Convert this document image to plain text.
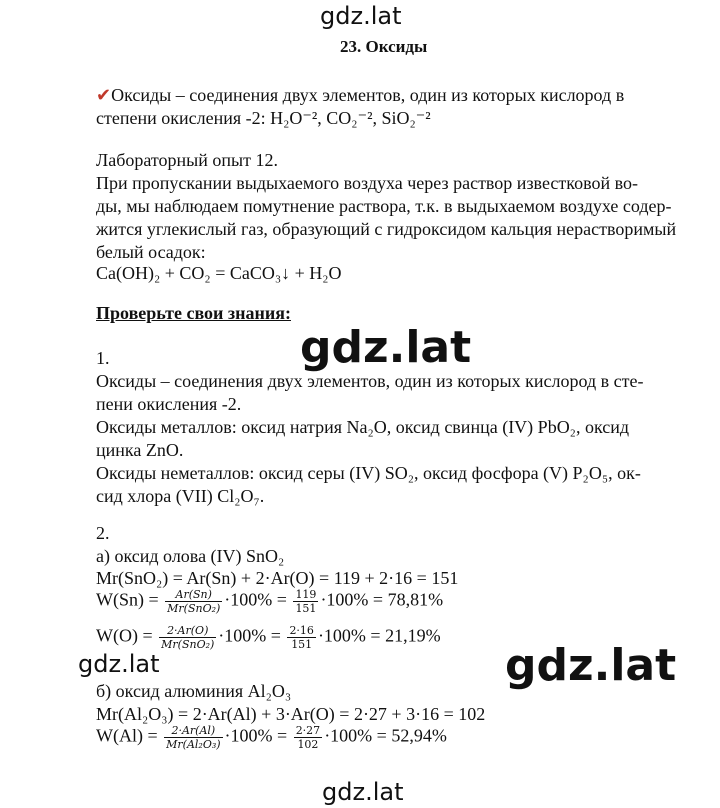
gdz.lat
gdz.lat
gdz.lat
gdz.lat
gdz.lat
23. Оксиды
✔Оксиды – соединения двух элементов, один из которых кислород в
степени окисления -2: H₂O⁻², CO₂⁻², SiO₂⁻²
Лабораторный опыт 12.
При пропускании выдыхаемого воздуха через раствор известковой во-
ды, мы наблюдаем помутнение раствора, т.к. в выдыхаемом воздухе содер-
жится углекислый газ, образующий с гидроксидом кальция нерастворимый
белый осадок:
Ca(OH)₂ + CO₂ = CaCO₃↓ + H₂O
Проверьте свои знания:
1.
Оксиды – соединения двух элементов, один из которых кислород в сте-
пени окисления -2.
Оксиды металлов: оксид натрия Na₂O, оксид свинца (IV) PbO₂, оксид
цинка ZnO.
Оксиды неметаллов: оксид серы (IV) SO₂, оксид фосфора (V) P₂O₅, ок-
сид хлора (VII) Cl₂O₇.
2.
а) оксид олова (IV) SnO₂
Mr(SnO₂) = Ar(Sn) + 2·Ar(O) = 119 + 2·16 = 151
$W(Sn) = \frac{Ar(Sn)}{\text{Mr(SnO₂)}} \cdot 100\% = \frac{119}{151} \cdot 100\% = 78,81\%$
$W(O) = \frac{2\cdot Ar(O)}{\text{Mr(SnO₂)}} \cdot 100\% = \frac{2\cdot 16}{151} \cdot 100\% = 21,19\%$
б) оксид алюминия Al₂O₃
Mr(Al₂O₃) = 2·Ar(Al) + 3·Ar(O) = 2·27 + 3·16 = 102
$W(Al) = \frac{2\cdot Ar(Al)}{\text{Mr(Al₂O₃)}} \cdot 100\% = \frac{2\cdot 27}{102} \cdot 100\% = 52,94\%$
